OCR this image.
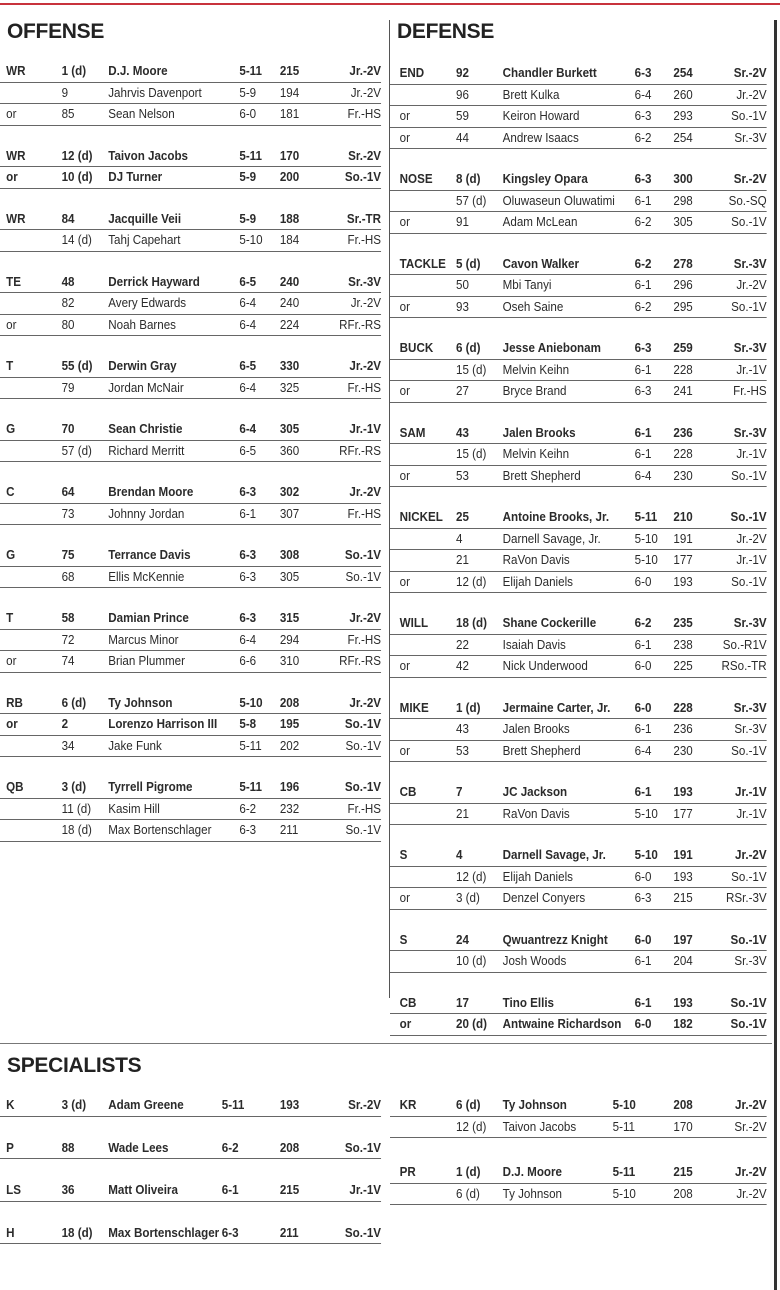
OFFENSE	DEFENSE
WR	1 (d) D.J. Moore	5-11 215	Jr.-2V
9	Jahrvis Davenport	5-9 194	Jr.-2V
or	85	Sean Nelson	6-0 181	Fr.-HS
WR	12 (d) Taivon Jacobs	5-11 170	Sr.-2V
or	10 (d) DJ Turner	5-9 200	So.-1V
WR	84	Jacquille Veii	5-9 188	Sr.-TR
14 (d) Tahj Capehart	5-10 184	Fr.-HS
TE	48	Derrick Hayward	6-5 240	Sr.-3V
82	Avery Edwards	6-4 240	Jr.-2V
or	80	Noah Barnes	6-4 224	RFr.-RS
T	55 (d) Derwin Gray	6-5 330	Jr.-2V
79	Jordan McNair	6-4 325	Fr.-HS
G	70	Sean Christie	6-4 305	Jr.-1V
57 (d) Richard Merritt	6-5 360	RFr.-RS
C	64	Brendan Moore	6-3 302	Jr.-2V
73	Johnny Jordan	6-1 307	Fr.-HS
G	75	Terrance Davis	6-3 308	So.-1V
68	Ellis McKennie	6-3 305	So.-1V
T	58	Damian Prince	6-3 315	Jr.-2V
72	Marcus Minor	6-4 294	Fr.-HS
or	74	Brian Plummer	6-6 310	RFr.-RS
RB	6 (d) Ty Johnson	5-10 208	Jr.-2V
or	2	Lorenzo Harrison III 5-8 195	So.-1V
34	Jake Funk	5-11 202	So.-1V
QB	3 (d) Tyrrell Pigrome	5-11 196	So.-1V
11 (d) Kasim Hill	6-2 232	Fr.-HS
18 (d) Max Bortenschlager 6-3 211	So.-1V
END 92	Chandler Burkett	6-3 254	Sr.-2V
96	Brett Kulka	6-4 260	Jr.-2V
or	59	Keiron Howard	6-3 293	So.-1V
or	44	Andrew Isaacs	6-2 254	Sr.-3V
NOSE 8 (d) Kingsley Opara	6-3 300	Sr.-2V
57 (d) Oluwaseun Oluwatimi 6-1 298	So.-SQ
or	91	Adam McLean	6-2 305	So.-1V
TACKLE 5 (d) Cavon Walker	6-2 278	Sr.-3V
50	Mbi Tanyi	6-1 296	Jr.-2V
or	93	Oseh Saine	6-2 295	So.-1V
BUCK 6 (d) Jesse Aniebonam	6-3 259	Sr.-3V
15 (d) Melvin Keihn	6-1 228	Jr.-1V
or	27	Bryce Brand	6-3 241	Fr.-HS
SAM 43	Jalen Brooks	6-1 236	Sr.-3V
15 (d) Melvin Keihn	6-1 228	Jr.-1V
or	53	Brett Shepherd	6-4 230	So.-1V
NICKEL 25	Antoine Brooks, Jr. 5-11 210	So.-1V
4	Darnell Savage, Jr.	5-10 191	Jr.-2V
21	RaVon Davis	5-10 177	Jr.-1V
or	12 (d) Elijah Daniels	6-0 193	So.-1V
WILL 18 (d) Shane Cockerille	6-2 235	Sr.-3V
22	Isaiah Davis	6-1 238 So.-R1V
or	42	Nick Underwood	6-0 225 RSo.-TR
MIKE 1 (d) Jermaine Carter, Jr. 6-0 228	Sr.-3V
43	Jalen Brooks	6-1 236	Sr.-3V
or	53	Brett Shepherd	6-4 230	So.-1V
CB	7	JC Jackson	6-1 193	Jr.-1V
21	RaVon Davis	5-10 177	Jr.-1V
S	4	Darnell Savage, Jr. 5-10 191	Jr.-2V
12 (d) Elijah Daniels	6-0 193	So.-1V
or	3 (d) Denzel Conyers	6-3 215	RSr.-3V
S	24	Qwuantrezz Knight 6-0 197	So.-1V
10 (d) Josh Woods	6-1 204	Sr.-3V
CB	17	Tino Ellis	6-1 193	So.-1V
or	20 (d) Antwaine Richardson 6-0 182	So.-1V
SPECIALISTS
K	3 (d) Adam Greene	5-11	193	Sr.-2V
P	88	Wade Lees	6-2	208	So.-1V
LS	36	Matt Oliveira	6-1	215	Jr.-1V
H	18 (d) Max Bortenschlager 6-3	211	So.-1V
KR	6 (d) Ty Johnson	5-10	208	Jr.-2V
12 (d) Taivon Jacobs	5-11	170	Sr.-2V
PR	1 (d) D.J. Moore	5-11	215	Jr.-2V
6 (d) Ty Johnson	5-10	208	Jr.-2V
